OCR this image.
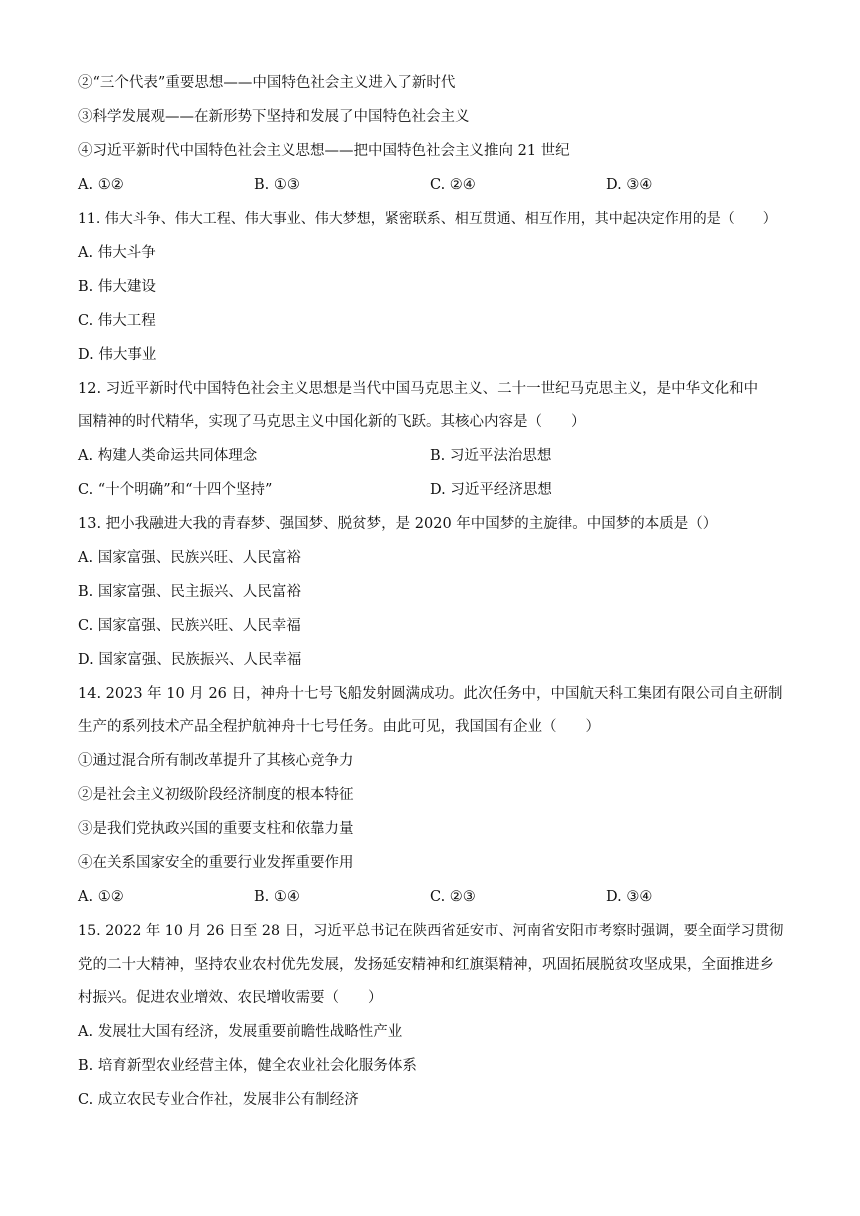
②“三个代表”重要思想——中国特色社会主义进入了新时代
③科学发展观——在新形势下坚持和发展了中国特色社会主义
④习近平新时代中国特色社会主义思想——把中国特色社会主义推向 21 世纪
A. ①②	B. ①③	C. ②④	D. ③④
11. 伟大斗争、伟大工程、伟大事业、伟大梦想，紧密联系、相互贯通、相互作用，其中起决定作用的是（　　）
A. 伟大斗争
B. 伟大建设
C. 伟大工程
D. 伟大事业
12. 习近平新时代中国特色社会主义思想是当代中国马克思主义、二十一世纪马克思主义，是中华文化和中
国精神的时代精华，实现了马克思主义中国化新的飞跃。其核心内容是（　　）
A. 构建人类命运共同体理念	B. 习近平法治思想
C. “十个明确”和“十四个坚持”	D. 习近平经济思想
13. 把小我融进大我的青春梦、强国梦、脱贫梦，是 2020 年中国梦的主旋律。中国梦的本质是（）
A. 国家富强、民族兴旺、人民富裕
B. 国家富强、民主振兴、人民富裕
C. 国家富强、民族兴旺、人民幸福
D. 国家富强、民族振兴、人民幸福
14. 2023 年 10 月 26 日，神舟十七号飞船发射圆满成功。此次任务中，中国航天科工集团有限公司自主研制
生产的系列技术产品全程护航神舟十七号任务。由此可见，我国国有企业（　　）
①通过混合所有制改革提升了其核心竞争力
②是社会主义初级阶段经济制度的根本特征
③是我们党执政兴国的重要支柱和依靠力量
④在关系国家安全的重要行业发挥重要作用
A. ①②	B. ①④	C. ②③	D. ③④
15. 2022 年 10 月 26 日至 28 日，习近平总书记在陕西省延安市、河南省安阳市考察时强调，要全面学习贯彻
党的二十大精神，坚持农业农村优先发展，发扬延安精神和红旗渠精神，巩固拓展脱贫攻坚成果，全面推进乡
村振兴。促进农业增效、农民增收需要（　　）
A. 发展壮大国有经济，发展重要前瞻性战略性产业
B. 培育新型农业经营主体，健全农业社会化服务体系
C. 成立农民专业合作社，发展非公有制经济
